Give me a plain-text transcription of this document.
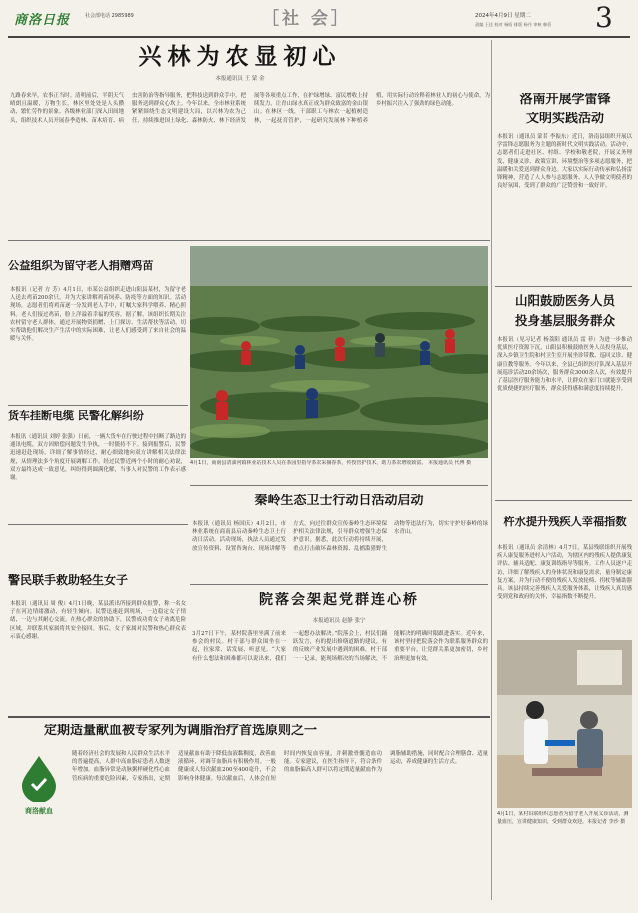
商洛日报	社会部电话 2985989	［社 会］	2024年4月9日 星期二 3
责编 王佳 校对 杨昭 排版 杨丹 审核 韩蓓
兴林为农显初心
本报通讯员 王 蒙 金
九路春来早，农事正当时。清明前后，半阴天气晴朗且温暖，万物生长，林区里处处是人头攒动、繁忙劳作的景象。各级林业部门深入田间地头，组织技术人员开展春季造林、苗木培育、病虫害防治等指导服务，把科技送到群众手中，把服务送到群众心坎上。今年以来，全市林业系统紧紧围绕生态文明建设大局，以兴林为农为己任，持续推进国土绿化、森林防火、林下经济发展等各项重点工作，在护绿增绿、富民增收上持续发力，让青山绿水真正成为群众致富的金山银山。在林区一线，干部职工与林农一起植树造林，一起抚育管护，一起研究发展林下种植养殖，用实际行动诠释着林业人的初心与使命，为乡村振兴注入了强劲的绿色动能。	洛南开展学雷锋
文明实践活动
本报讯（通讯员 蒙茗 李振东）近日，洛南县组织开展以学雷锋志愿服务为主题的新时代文明实践活动。活动中，志愿者们走进社区、村组、学校和敬老院，开展义务理发、健康义诊、政策宣讲、环境整治等多项志愿服务，把温暖和关爱送到群众身边。大家以实际行动传承和弘扬雷锋精神，营造了人人参与志愿服务、人人争做文明使者的良好氛围，受到了群众的广泛赞誉和一致好评。
公益组织为留守老人捐赠鸡苗
本报讯（记者 方 芳）4月1日，市某公益组织走进山阳县某村，为留守老人送去鸡苗200余只，并为大家讲解鸡苗饲养、防疫等方面的知识。活动现场，志愿者们将鸡苗逐一分发到老人手中，叮嘱大家科学喂养、精心照料。老人们接过鸡苗，脸上洋溢着幸福的笑容。据了解，该组织长期关注农村留守老人群体，通过开展物资捐赠、上门探访、生活帮扶等活动，切实帮助他们解决生产生活中的实际困难，让老人们感受到了来自社会的温暖与关怀。
4月1日，商南县清油河镇林业站技术人员在茶园里指导茶农采摘春茶，传授管护技术，助力茶农增收致富。 本报通讯员 代博 摄
货车挂断电缆 民警化解纠纷
本报讯（通讯员 刘婷 张强）日前，一辆大货车在行驶过程中挂断了路边的通讯电缆，双方因赔偿问题发生争执，一时僵持不下。接到报警后，民警迅速赶赴现场，详细了解事情经过，耐心细致地向双方讲解相关法律法规，从情理法多个角度开展调解工作。经过民警近两个小时的耐心劝说，双方最终达成一致意见，纠纷得到圆满化解，当事人对民警的工作表示感谢。
山阳鼓励医务人员
投身基层服务群众
本报讯（见习记者 杨荔阳 通讯员 雷 菲）为进一步推动优质医疗资源下沉，山阳县积极鼓励医务人员投身基层，深入乡镇卫生院和村卫生室开展坐诊带教、巡回义诊、健康宣教等服务。今年以来，全县已组织医疗队深入基层开展巡诊活动20余场次，服务群众3000余人次，有效提升了基层医疗服务能力和水平，让群众在家门口就能享受到优质便捷的医疗服务，群众获得感和满意度持续提升。
秦岭生态卫士行动日活动启动
本报讯（通讯员 杨国庆）4月2日，市林业系统在商南县启动秦岭生态卫士行动日活动。活动现场，执法人员通过发放宣传资料、设置咨询台、现场讲解等方式，向过往群众宣传秦岭生态环境保护相关法律法规，引导群众增强生态保护意识。据悉，此次行动将持续开展，重点打击破坏森林资源、乱捕滥猎野生动物等违法行为，切实守护好秦岭的绿水青山。
杵水提升残疾人幸福指数
本报讯（通讯员 余清林）4月7日，某县残联组织开展残疾人康复服务进村入户活动，为辖区内的残疾人提供康复评估、辅具适配、康复训练指导等服务。工作人员逐户走访，详细了解残疾人的身体状况和康复需求，量身制定康复方案，并为行动不便的残疾人发放轮椅、拐杖等辅助器具。该县持续完善残疾人关爱服务体系，让残疾人真切感受到党和政府的关怀，幸福指数不断提升。
4月1日，某村妇联组织志愿者为留守老人开展义诊活动，测量血压，宣讲健康知识，受到群众欢迎。本报记者 李沙 摄
警民联手救助轻生女子
本报讯（通讯员 周 俊）4月1日晚，某县派出所接到群众报警，称一名女子在河边情绪激动，有轻生倾向。民警迅速赶到现场，一边稳定女子情绪，一边与其耐心交流。在热心群众的协助下，民警成功将女子劝离危险区域，并联系其家属将其安全接回。事后，女子家属对民警和热心群众表示衷心感谢。
院落会架起党群连心桥
本报通讯员 赵静 张宁
3月27日下午，某村院落里坐满了前来参会的村民。村干部与群众围坐在一起，拉家常、话发展、听意见。“大家有什么想法和困难都可以说出来，我们一起想办法解决。”院落会上，村民们踊跃发言，有的提出修缮道路的建议，有的反映产业发展中遇到的困难，村干部一一记录，能现场解决的当场解决，不能解决的明确时限跟进落实。近年来，该村坚持把院落会作为联系服务群众的重要平台，让党群关系更加密切，乡村治理更加有效。
定期适量献血被专家列为调脂治疗首选原则之一
商洛献血
随着经济社会的发展和人民群众生活水平的普遍提高，人群中高血脂症患者人数逐年增加。血脂异常是动脉粥样硬化性心血管疾病的重要危险因素，专家指出，定期适量献血有助于降低血液黏稠度，改善血液循环，对调节血脂具有积极作用。一般健康成人每次献血200至400毫升，不会影响身体健康。每次献血后，人体会在短时间内恢复血容量，并刺激骨髓造血功能。专家建议，在医生指导下，符合条件的血脂偏高人群可以将定期适量献血作为调脂辅助措施，同时配合合理膳食、适量运动，养成健康的生活方式。
